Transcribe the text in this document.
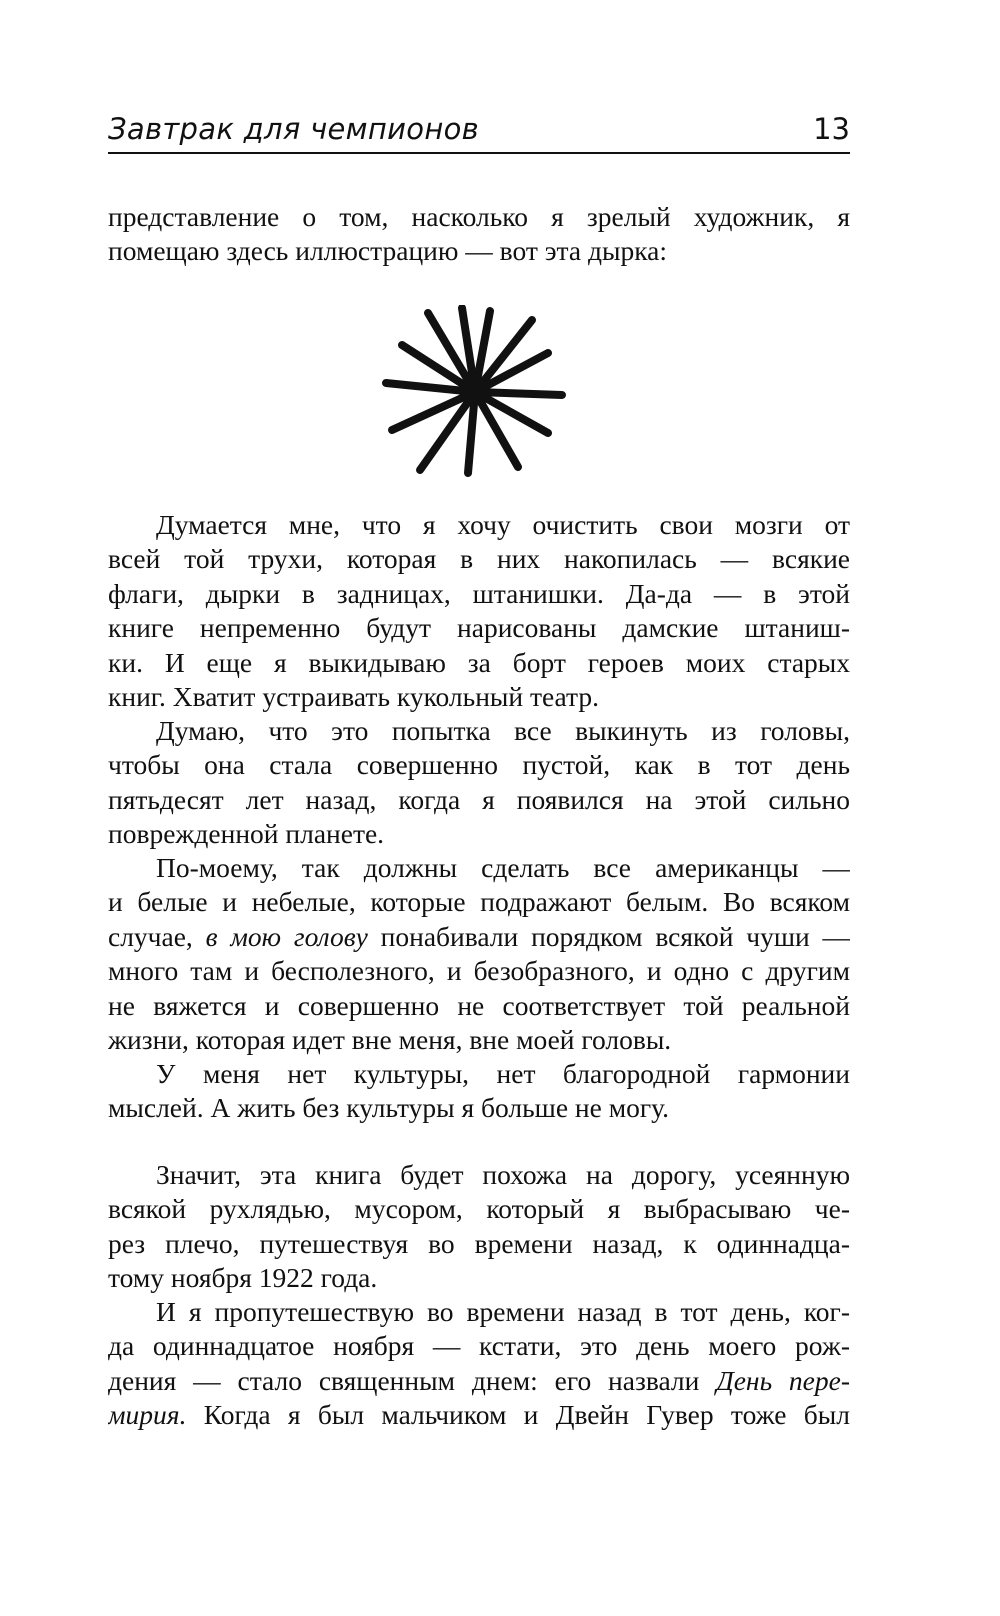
Завтрак для чемпионов	13
представление о том, насколько я зрелый художник, я
помещаю здесь иллюстрацию — вот эта дырка:
Думается мне, что я хочу очистить свои мозги от
всей той трухи, которая в них накопилась — всякие
флаги, дырки в задницах, штанишки. Да-да — в этой
книге непременно будут нарисованы дамские штаниш-
ки. И еще я выкидываю за борт героев моих старых
книг. Хватит устраивать кукольный театр.
Думаю, что это попытка все выкинуть из головы,
чтобы она стала совершенно пустой, как в тот день
пятьдесят лет назад, когда я появился на этой сильно
поврежденной планете.
По-моему, так должны сделать все американцы —
и белые и небелые, которые подражают белым. Во всяком
случае, в мою голову понабивали порядком всякой чуши —
много там и бесполезного, и безобразного, и одно с другим
не вяжется и совершенно не соответствует той реальной
жизни, которая идет вне меня, вне моей головы.
У меня нет культуры, нет благородной гармонии
мыслей. А жить без культуры я больше не могу.
Значит, эта книга будет похожа на дорогу, усеянную
всякой рухлядью, мусором, который я выбрасываю че-
рез плечо, путешествуя во времени назад, к одиннадца-
тому ноября 1922 года.
И я пропутешествую во времени назад в тот день, ког-
да одиннадцатое ноября — кстати, это день моего рож-
дения — стало священным днем: его назвали День пере-
мирия. Когда я был мальчиком и Двейн Гувер тоже был
